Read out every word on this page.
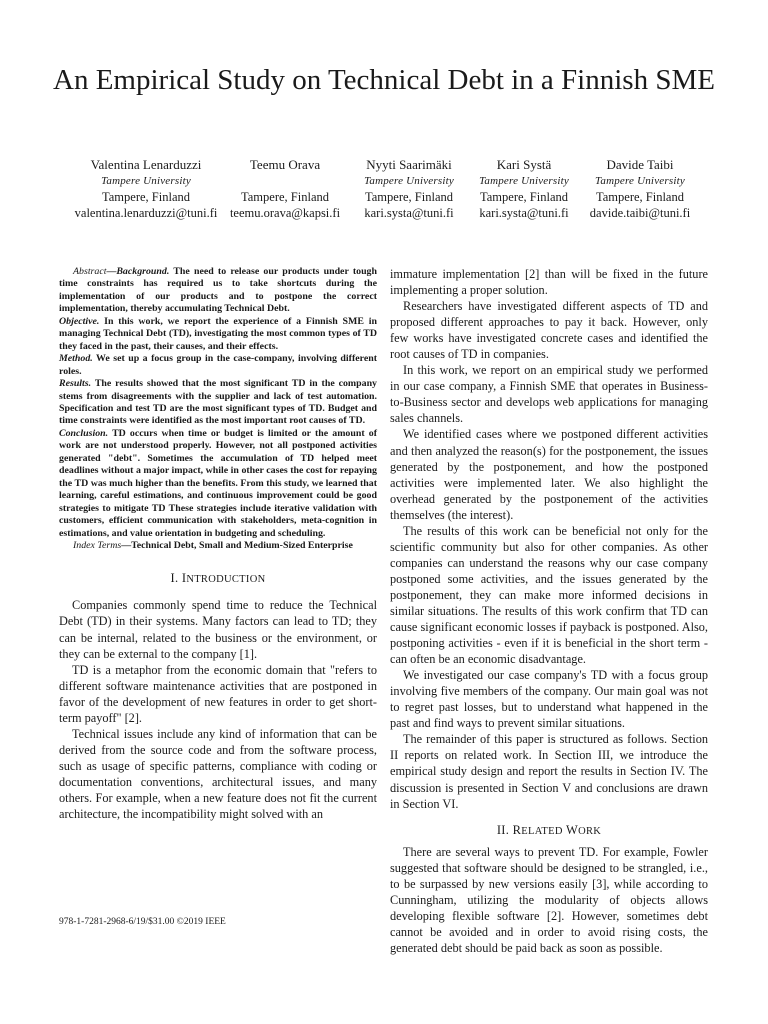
An Empirical Study on Technical Debt in a Finnish SME
Valentina Lenarduzzi
Tampere University
Tampere, Finland
valentina.lenarduzzi@tuni.fi
Teemu Orava
Tampere, Finland
teemu.orava@kapsi.fi
Nyyti Saarimäki
Tampere University
Tampere, Finland
kari.systa@tuni.fi
Kari Systä
Tampere University
Tampere, Finland
kari.systa@tuni.fi
Davide Taibi
Tampere University
Tampere, Finland
davide.taibi@tuni.fi

Abstract—Background. The need to release our products under tough time constraints has required us to take shortcuts during the implementation of our products and to postpone the correct implementation, thereby accumulating Technical Debt.

Objective. In this work, we report the experience of a Finnish SME in managing Technical Debt (TD), investigating the most common types of TD they faced in the past, their causes, and their effects.

Method. We set up a focus group in the case-company, involving different roles.

Results. The results showed that the most significant TD in the company stems from disagreements with the supplier and lack of test automation. Specification and test TD are the most significant types of TD. Budget and time constraints were identified as the most important root causes of TD.

Conclusion. TD occurs when time or budget is limited or the amount of work are not understood properly. However, not all postponed activities generated "debt". Sometimes the accumulation of TD helped meet deadlines without a major impact, while in other cases the cost for repaying the TD was much higher than the benefits. From this study, we learned that learning, careful estimations, and continuous improvement could be good strategies to mitigate TD These strategies include iterative validation with customers, efficient communication with stakeholders, meta-cognition in estimations, and value orientation in budgeting and scheduling.

Index Terms—Technical Debt, Small and Medium-Sized Enterprise

I. INTRODUCTION

Companies commonly spend time to reduce the Technical Debt (TD) in their systems. Many factors can lead to TD; they can be internal, related to the business or the environment, or they can be external to the company [1].

TD is a metaphor from the economic domain that "refers to different software maintenance activities that are postponed in favor of the development of new features in order to get short-term payoff" [2].

Technical issues include any kind of information that can be derived from the source code and from the software process, such as usage of specific patterns, compliance with coding or documentation conventions, architectural issues, and many others. For example, when a new feature does not fit the current architecture, the incompatibility might solved with an

immature implementation [2] than will be fixed in the future implementing a proper solution.

Researchers have investigated different aspects of TD and proposed different approaches to pay it back. However, only few works have investigated concrete cases and identified the root causes of TD in companies.

In this work, we report on an empirical study we performed in our case company, a Finnish SME that operates in Business-to-Business sector and develops web applications for managing sales channels.

We identified cases where we postponed different activities and then analyzed the reason(s) for the postponement, the issues generated by the postponement, and how the postponed activities were implemented later. We also highlight the overhead generated by the postponement of the activities themselves (the interest).

The results of this work can be beneficial not only for the scientific community but also for other companies. As other companies can understand the reasons why our case company postponed some activities, and the issues generated by the postponement, they can make more informed decisions in similar situations. The results of this work confirm that TD can cause significant economic losses if payback is postponed. Also, postponing activities - even if it is beneficial in the short term - can often be an economic disadvantage.

We investigated our case company's TD with a focus group involving five members of the company. Our main goal was not to regret past losses, but to understand what happened in the past and find ways to prevent similar situations.

The remainder of this paper is structured as follows. Section II reports on related work. In Section III, we introduce the empirical study design and report the results in Section IV. The discussion is presented in Section V and conclusions are drawn in Section VI.

II. RELATED WORK

There are several ways to prevent TD. For example, Fowler suggested that software should be designed to be strangled, i.e., to be surpassed by new versions easily [3], while according to Cunningham, utilizing the modularity of objects allows developing flexible software [2]. However, sometimes debt cannot be avoided and in order to avoid rising costs, the generated debt should be paid back as soon as possible.

978-1-7281-2968-6/19/$31.00 ©2019 IEEE
